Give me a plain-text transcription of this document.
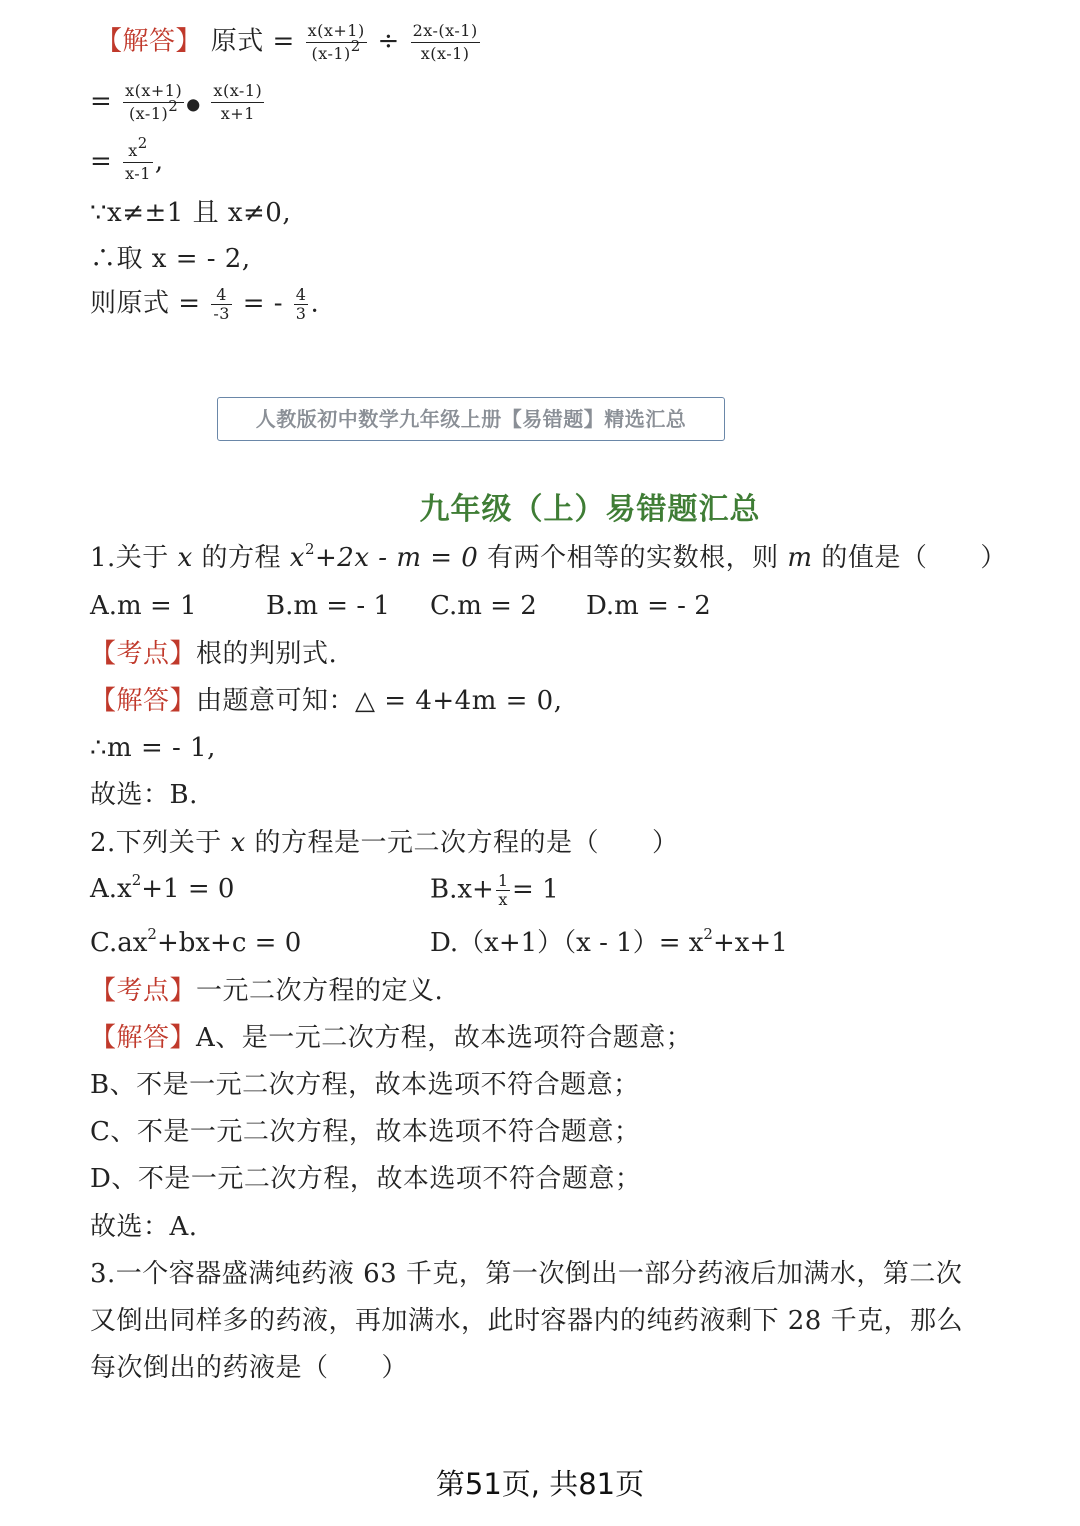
【解答】 原式 = $\frac{x(x+1)}{(x-1)^2} \div \frac{2x-(x-1)}{x(x-1)}$
= $\frac{x(x+1)}{(x-1)^2}$ ● $\frac{x(x-1)}{x+1}$
= $\frac{x^2}{x-1}$ ,
∵x≠±1 且 x≠0,
∴取 x = - 2,
则原式 = $\frac{4}{-3}$ = - $\frac{4}{3}$ .
人教版初中数学九年级上册【易错题】精选汇总
九年级（上）易错题汇总
1.关于 x 的方程 $x^2+2x - m = 0$ 有两个相等的实数根，则 m 的值是（　　）
A.m = 1	B.m = - 1 C.m = 2 D.m = - 2
【考点】根的判别式.
【解答】由题意可知：△ = 4+4m = 0,
∴m = - 1,
故选：B.
2.下列关于 x 的方程是一元二次方程的是（　　）
$A.x^2+1 = 0$	$B.x+ \frac{1}{x} = 1$
$C.ax^2+bx+c = 0$	$D.(x+1)(x - 1)= x^2+x+1$
【考点】一元二次方程的定义.
【解答】A、是一元二次方程，故本选项符合题意；
B、不是一元二次方程，故本选项不符合题意；
C、不是一元二次方程，故本选项不符合题意；
D、不是一元二次方程，故本选项不符合题意；
故选：A.
3.一个容器盛满纯药液 63 千克，第一次倒出一部分药液后加满水，第二次
又倒出同样多的药液，再加满水，此时容器内的纯药液剩下 28 千克，那么
每次倒出的药液是（　　）
第51页, 共81页
